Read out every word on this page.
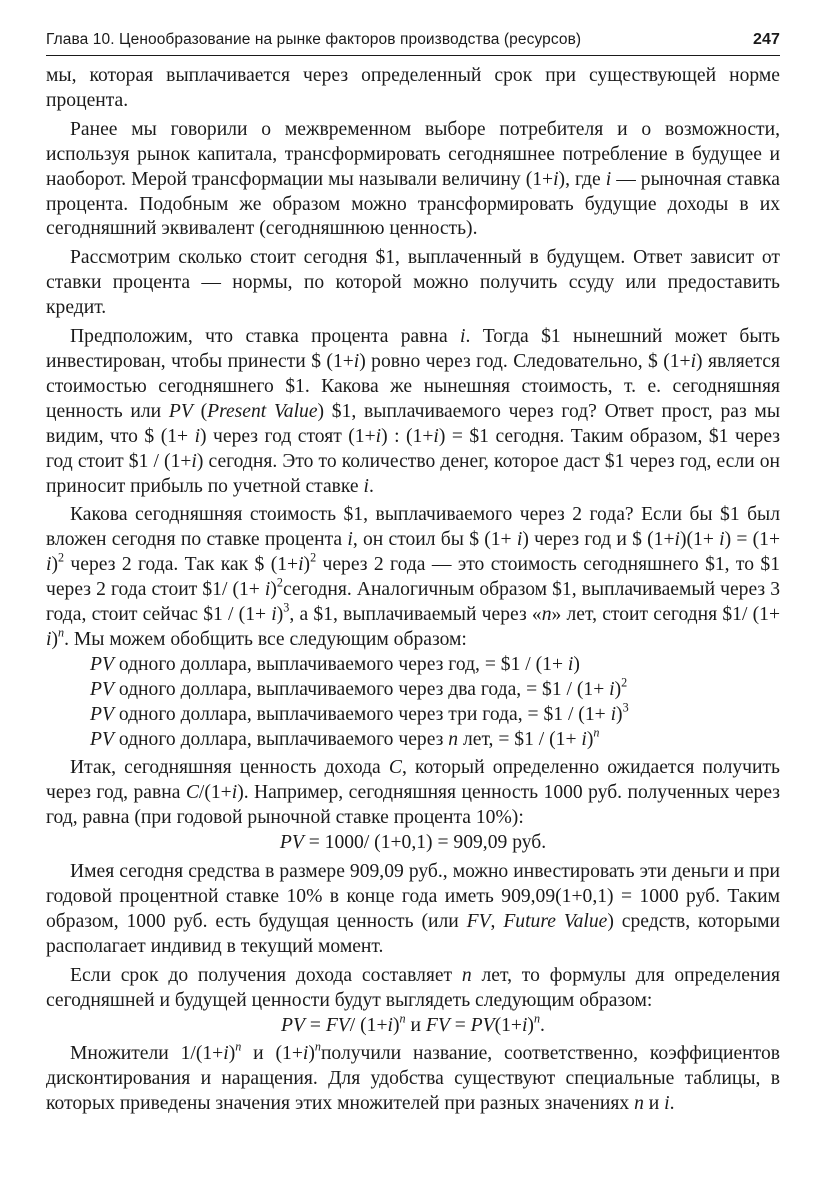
Глава 10. Ценообразование на рынке факторов производства (ресурсов)	247

мы, которая выплачивается через определенный срок при существующей норме процента.

Ранее мы говорили о межвременном выборе потребителя и о возможности, используя рынок капитала, трансформировать сегодняшнее потребление в будущее и наоборот. Мерой трансформации мы называли величину (1+i), где i — рыночная ставка процента. Подобным же образом можно трансформировать будущие доходы в их сегодняшний эквивалент (сегодняшнюю ценность).

Рассмотрим сколько стоит сегодня $1, выплаченный в будущем. Ответ зависит от ставки процента — нормы, по которой можно получить ссуду или предоставить кредит.

Предположим, что ставка процента равна i. Тогда $1 нынешний может быть инвестирован, чтобы принести $ (1+i) ровно через год. Следовательно, $ (1+i) является стоимостью сегодняшнего $1. Какова же нынешняя стоимость, т. е. сегодняшняя ценность или PV (Present Value) $1, выплачиваемого через год? Ответ прост, раз мы видим, что $ (1+ i) через год стоят (1+i) : (1+i) = $1 сегодня. Таким образом, $1 через год стоит $1 / (1+i) сегодня. Это то количество денег, которое даст $1 через год, если он приносит прибыль по учетной ставке i.

Какова сегодняшняя стоимость $1, выплачиваемого через 2 года? Если бы $1 был вложен сегодня по ставке процента i, он стоил бы $ (1+ i) через год и $ $(1+i)(1+ i) = (1+ i)^2$ через 2 года. Так как $ $(1+i)^2$ через 2 года — это стоимость сегодняшнего $1, то $1 через 2 года стоит $1/ $(1+ i)^2сегодня$. Аналогичным образом $1, выплачиваемый через 3 года, стоит сейчас $1 / $(1+ i)^3$, а $1, выплачиваемый через «n» лет, стоит сегодня $1/ $(1+ i)^n$. Мы можем обобщить все следующим образом:

PV одного доллара, выплачиваемого через год, = $1 / (1+ i)

PV одного доллара, выплачиваемого через два года, = $1 / $(1+ i)^2$

PV одного доллара, выплачиваемого через три года, = $1 / $(1+ i)^3$

PV одного доллара, выплачиваемого через n лет, = $1 / $(1+ i)^n$

Итак, сегодняшняя ценность дохода C, который определенно ожидается получить через год, равна C/(1+i). Например, сегодняшняя ценность 1000 руб. полученных через год, равна (при годовой рыночной ставке процента 10%):

PV = 1000/ (1+0,1) = 909,09 руб.

Имея сегодня средства в размере 909,09 руб., можно инвестировать эти деньги и при годовой процентной ставке 10% в конце года иметь 909,09(1+0,1) = 1000 руб. Таким образом, 1000 руб. есть будущая ценность (или FV, Future Value) средств, которыми располагает индивид в текущий момент.

Если срок до получения дохода составляет n лет, то формулы для определения сегодняшней и будущей ценности будут выглядеть следующим образом:

PV = FV/ $(1+i)^n$ и FV = $PV(1+i)^n$.

Множители $1/(1+i)^n$ и $(1+i)^nполучили$ название, соответственно, коэффициентов дисконтирования и наращения. Для удобства существуют специальные таблицы, в которых приведены значения этих множителей при разных значениях n и i.
